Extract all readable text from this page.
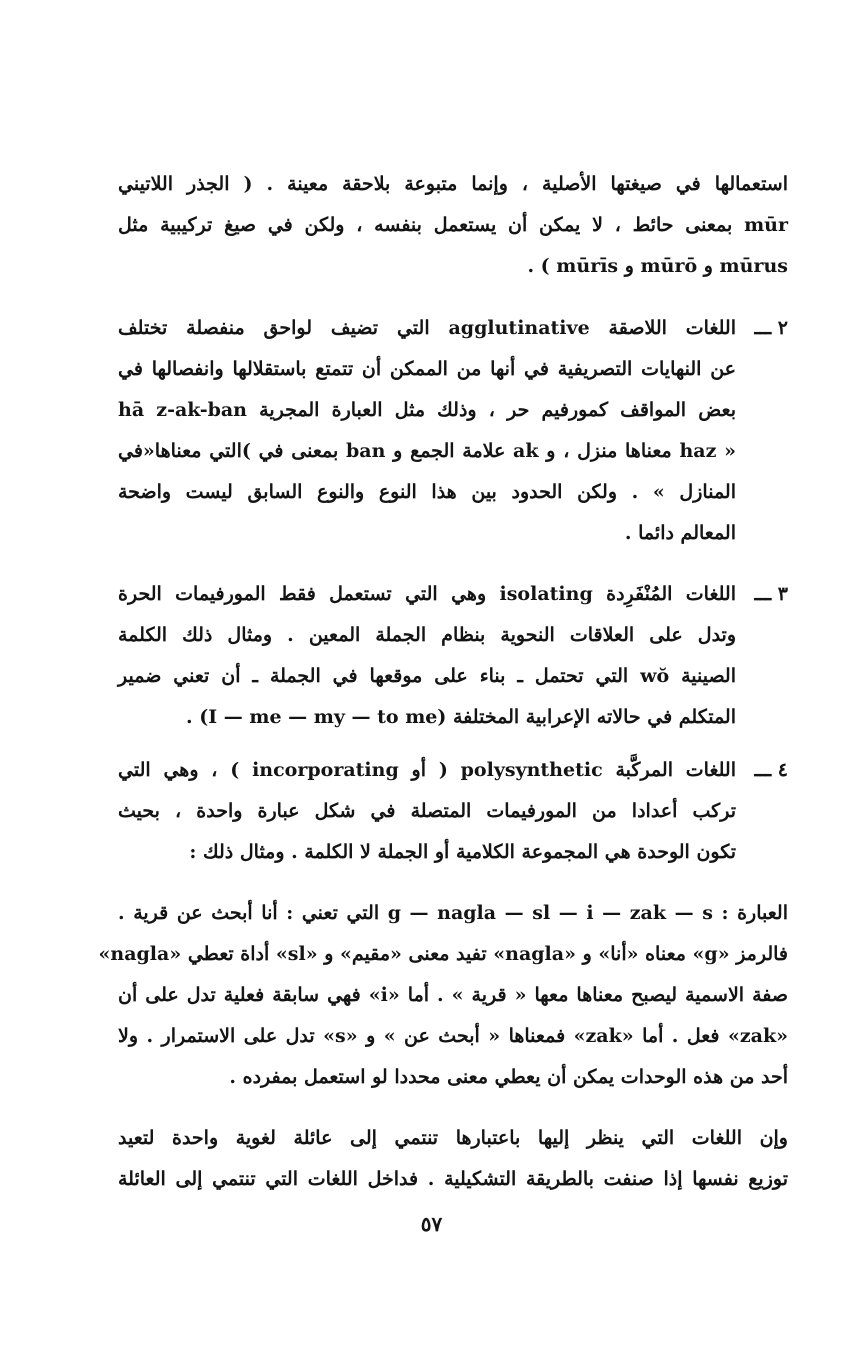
استعمالها في صيغتها الأصلية ، وإنما متبوعة بلاحقة معينة . ( الجذر اللاتيني
mūr بمعنى حائط ، لا يمكن أن يستعمل بنفسه ، ولكن في صيغ تركيبية مثل
mūrus و mūrō و mūrīs ) .
٢ ـــ
اللغات اللاصقة agglutinative التي تضيف لواحق منفصلة تختلف
عن النهايات التصريفية في أنها من الممكن أن تتمتع باستقلالها وانفصالها في
بعض المواقف كمورفيم حر ، وذلك مثل العبارة المجرية hā z-ak-ban
« haz معناها منزل ، و ak علامة الجمع و ban بمعنى في )التي معناها«في
المنازل » . ولكن الحدود بين هذا النوع والنوع السابق ليست واضحة
المعالم دائما .
٣ ـــ
اللغات المُنْفَرِدة isolating وهي التي تستعمل فقط المورفيمات الحرة
وتدل على العلاقات النحوية بنظام الجملة المعين . ومثال ذلك الكلمة
الصينية wŏ التي تحتمل ـ بناء على موقعها في الجملة ـ أن تعني ضمير
المتكلم في حالاته الإعرابية المختلفة (I — me — my — to me) .
٤ ـــ
اللغات المركَّبة polysynthetic ( أو incorporating ) ، وهي التي
تركب أعدادا من المورفيمات المتصلة في شكل عبارة واحدة ، بحيث
تكون الوحدة هي المجموعة الكلامية أو الجملة لا الكلمة . ومثال ذلك :
العبارة : g — nagla — sl — i — zak — s التي تعني : أنا أبحث عن قرية .
فالرمز «g» معناه «أنا» و «nagla» تفيد معنى «مقيم» و «sl» أداة تعطي «nagla»
صفة الاسمية ليصبح معناها معها « قرية » . أما «i» فهي سابقة فعلية تدل على أن
«zak» فعل . أما «zak» فمعناها « أبحث عن » و «s» تدل على الاستمرار . ولا
أحد من هذه الوحدات يمكن أن يعطي معنى محددا لو استعمل بمفرده .
وإن اللغات التي ينظر إليها باعتبارها تنتمي إلى عائلة لغوية واحدة لتعيد
توزيع نفسها إذا صنفت بالطريقة التشكيلية . فداخل اللغات التي تنتمي إلى العائلة
٥٧
